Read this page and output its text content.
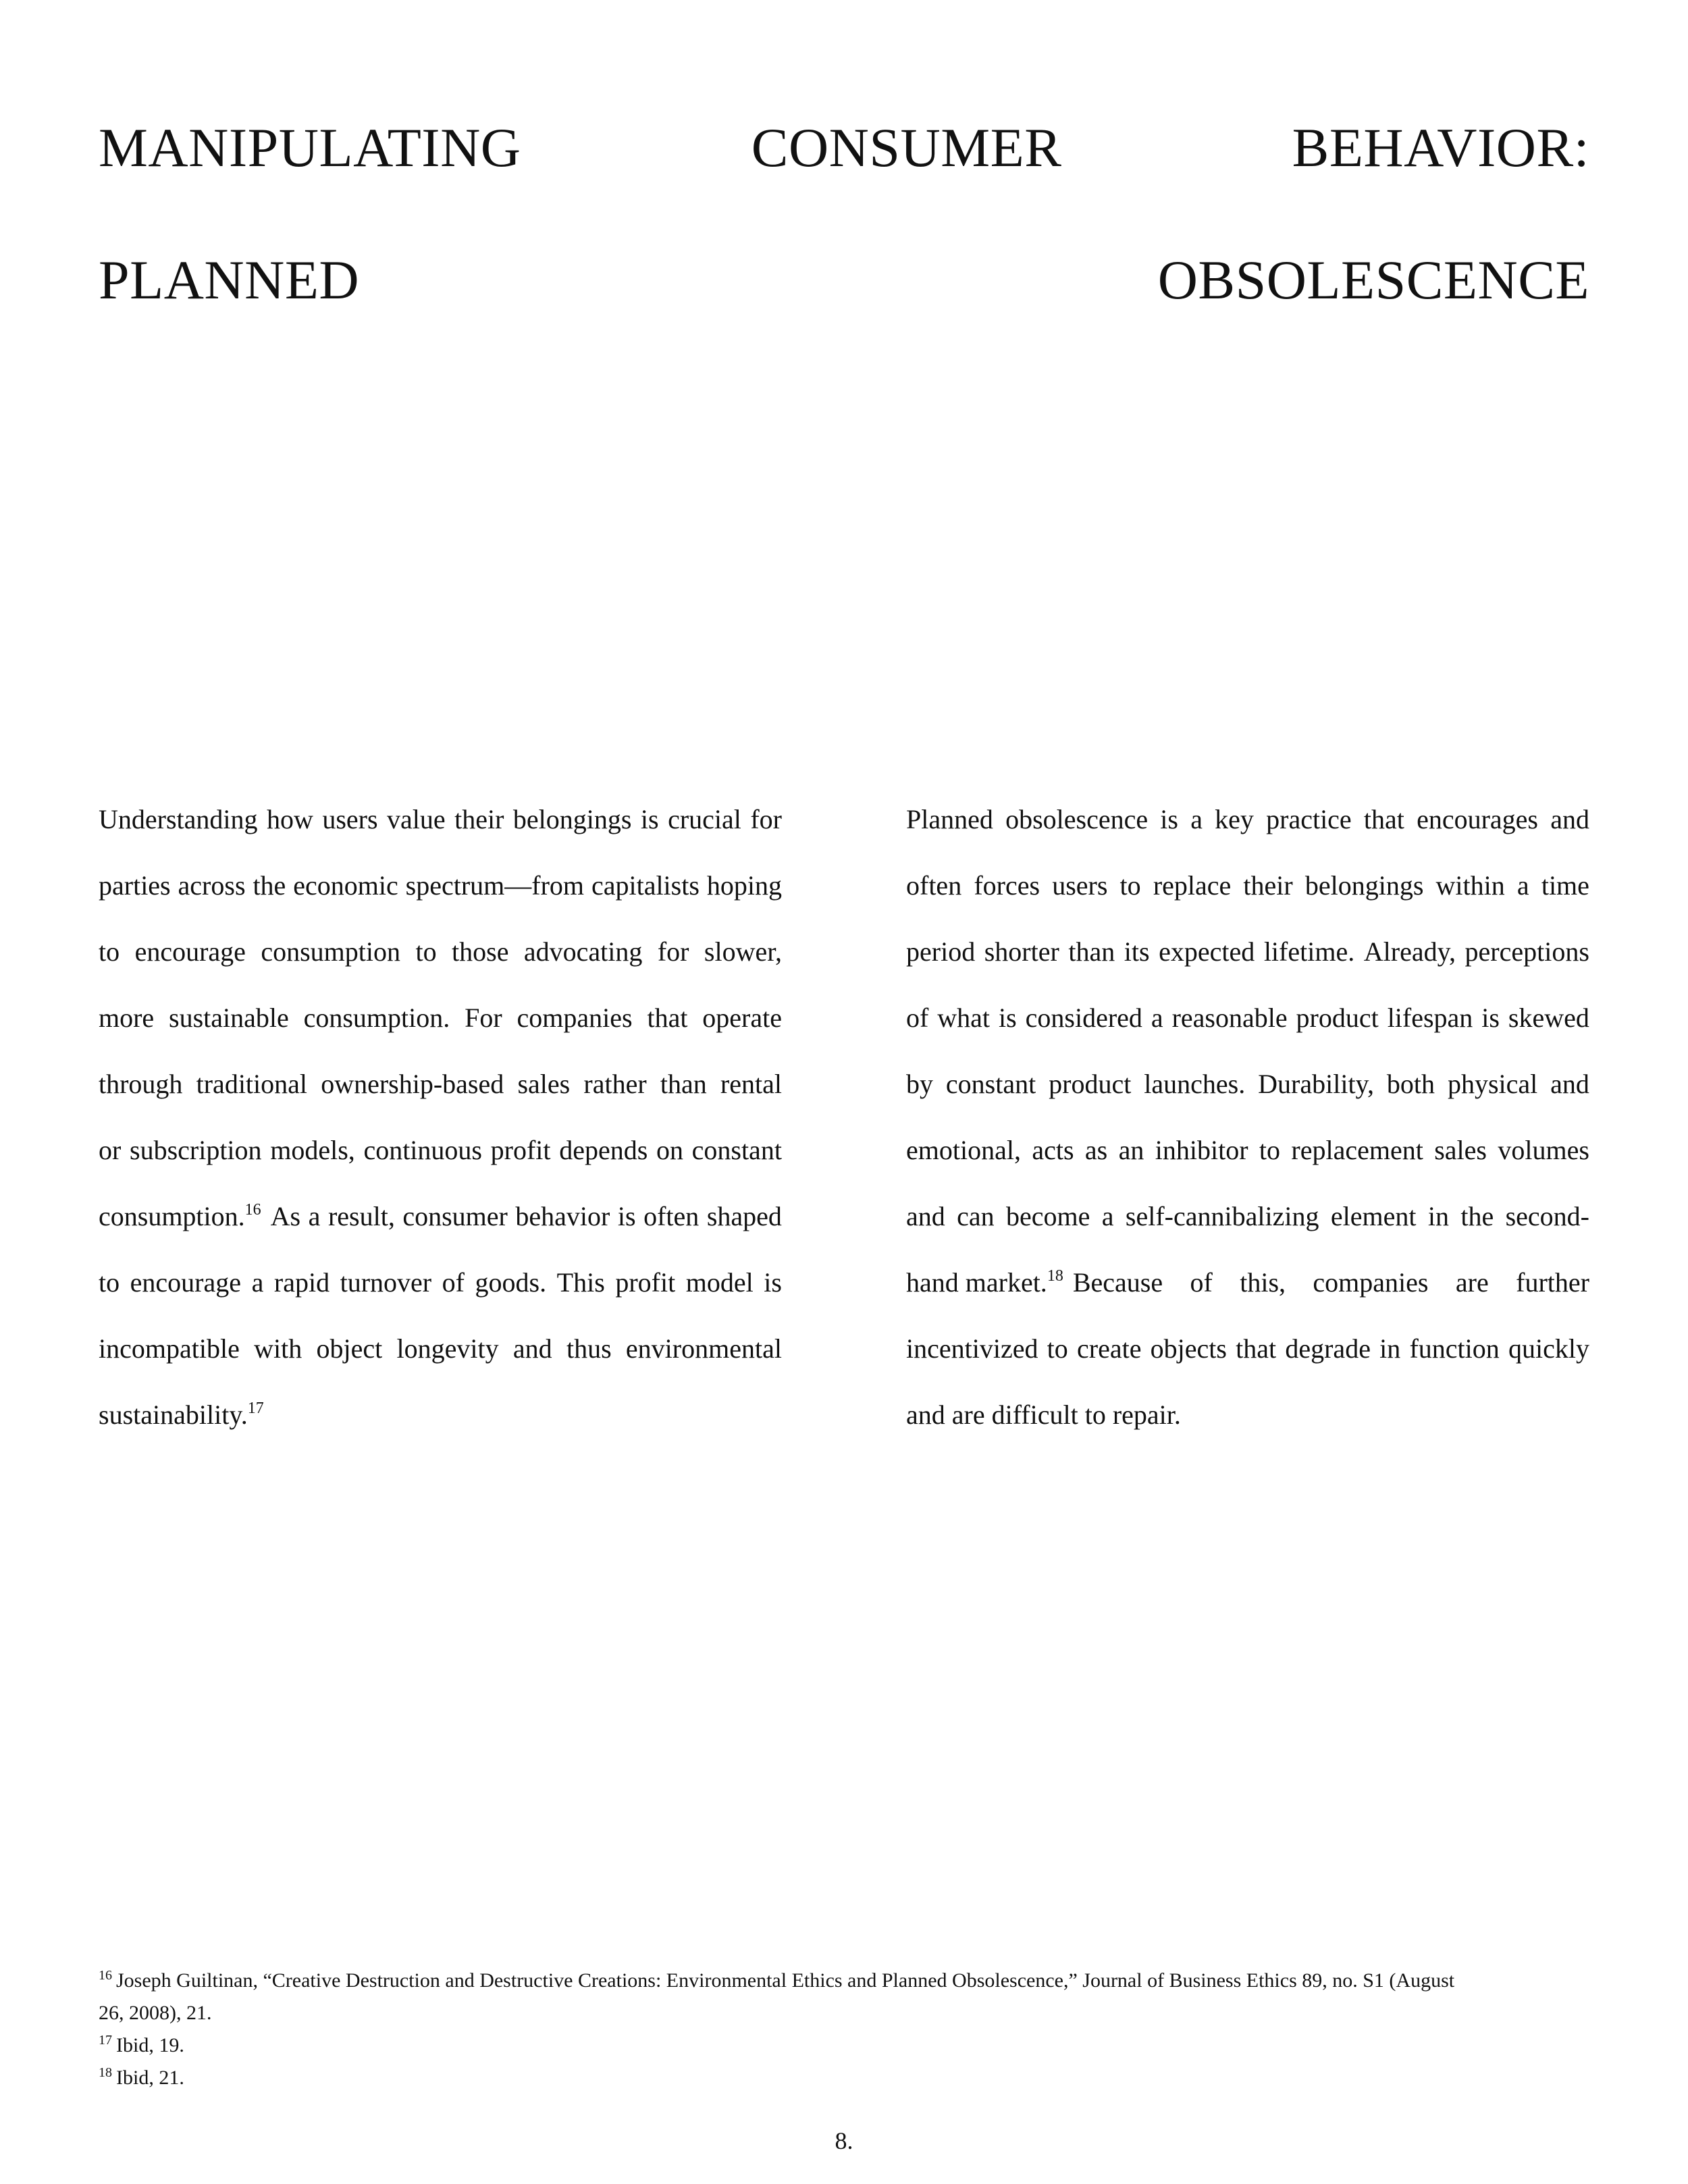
MANIPULATING	CONSUMER	BEHAVIOR:
PLANNED	OBSOLESCENCE
Understanding how users value their belongings is crucial for
parties across the economic spectrum—from capitalists hoping
to encourage consumption to those advocating for slower,
more sustainable consumption. For companies that operate
through traditional ownership-based sales rather than rental
or subscription models, continuous profit depends on constant
consumption.$^{16}$ As a result, consumer behavior is often shaped
to encourage a rapid turnover of goods. This profit model is
incompatible with object longevity and thus environmental
sustainability.$^{17}$
Planned obsolescence is a key practice that encourages and
often forces users to replace their belongings within a time
period shorter than its expected lifetime. Already, perceptions
of what is considered a reasonable product lifespan is skewed
by constant product launches. Durability, both physical and
emotional, acts as an inhibitor to replacement sales volumes
and can become a self-cannibalizing element in the second-
hand market.$^{18}$ Because of this, companies are further
incentivized to create objects that degrade in function quickly
and are difficult to repair.
$^{16}$ Joseph Guiltinan, “Creative Destruction and Destructive Creations: Environmental Ethics and Planned Obsolescence,” Journal of Business Ethics 89, no. S1 (August
26, 2008), 21.
$^{17}$ Ibid, 19.
$^{18}$ Ibid, 21.
8.
